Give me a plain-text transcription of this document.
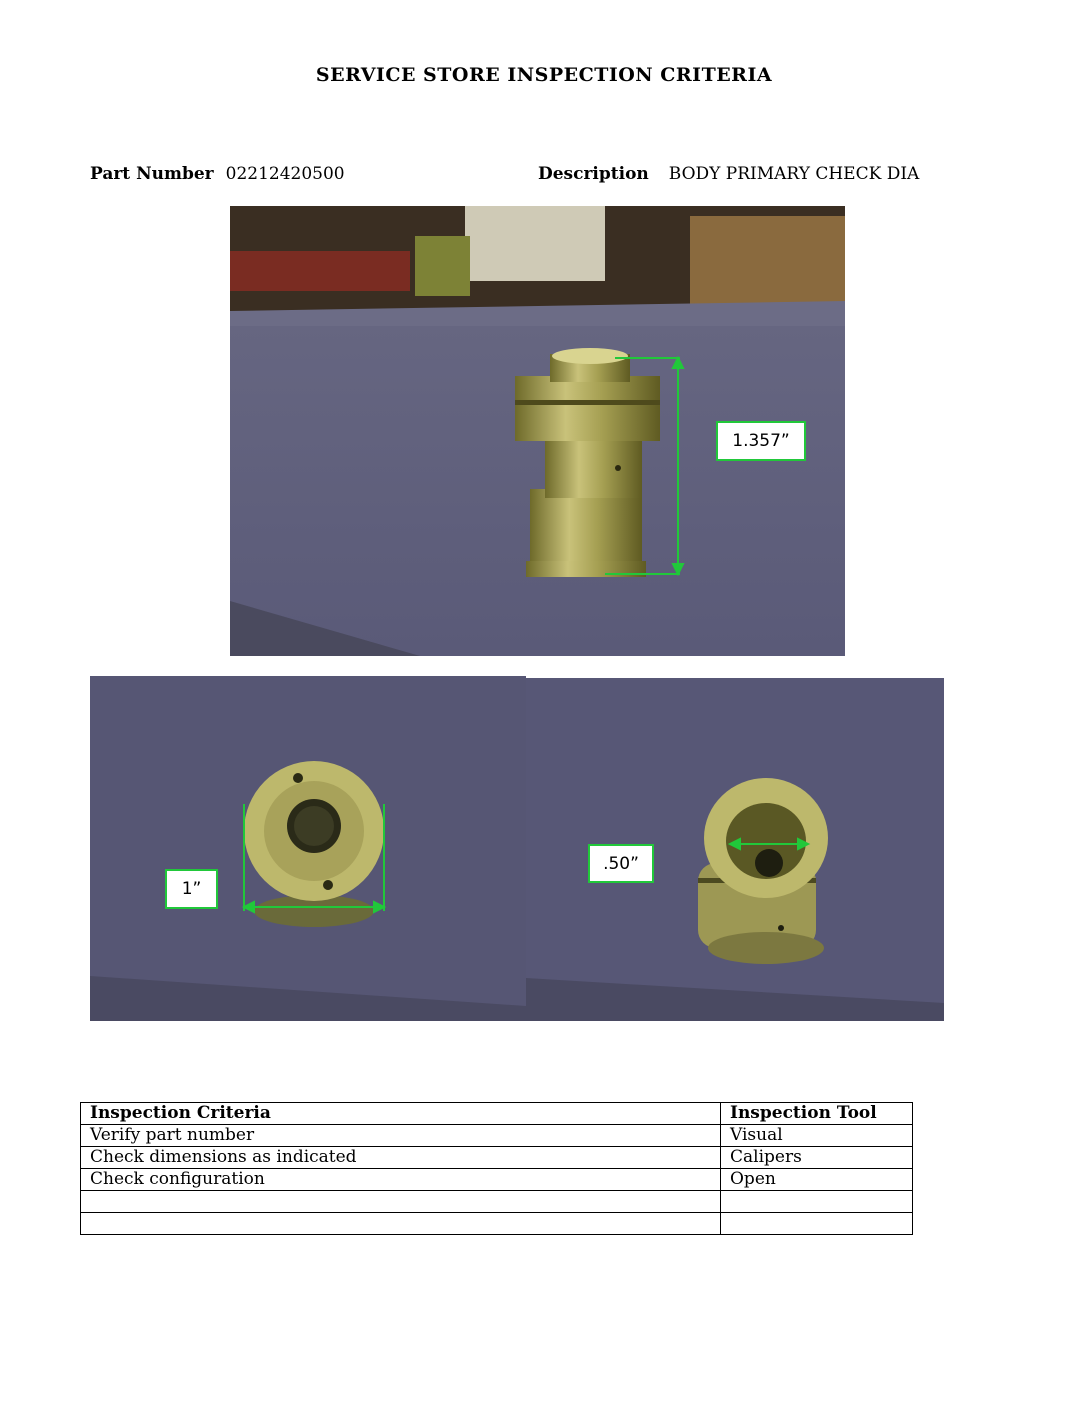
SERVICE STORE INSPECTION CRITERIA
Part Number 02212420500	Description BODY PRIMARY CHECK DIA
1.357”
1”
.50”
Inspection Criteria	Inspection Tool
Verify part number	Visual
Check dimensions as indicated	Calipers
Check configuration	Open
